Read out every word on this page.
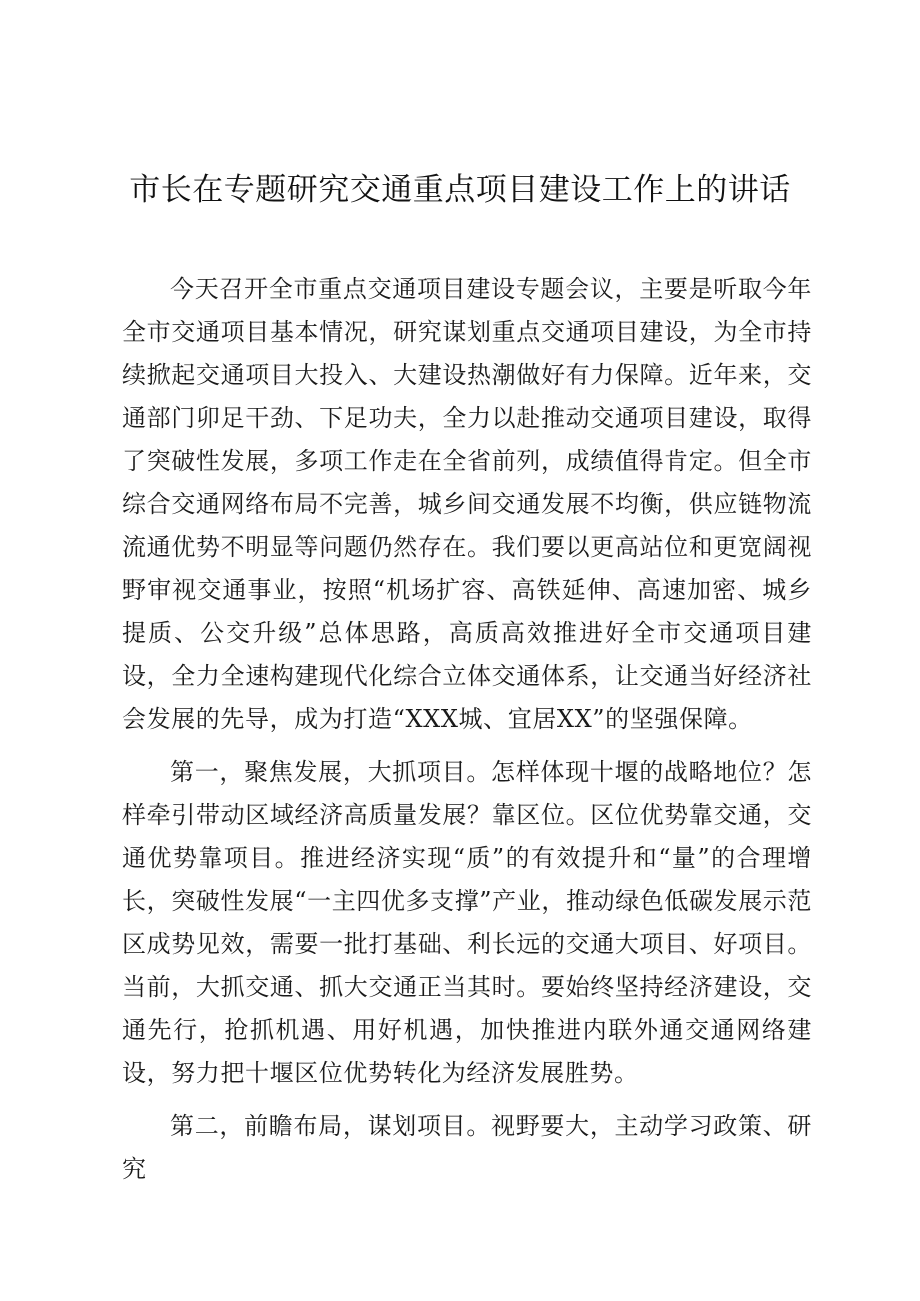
市长在专题研究交通重点项目建设工作上的讲话

今天召开全市重点交通项目建设专题会议，主要是听取今年全市交通项目基本情况，研究谋划重点交通项目建设，为全市持续掀起交通项目大投入、大建设热潮做好有力保障。近年来，交通部门卯足干劲、下足功夫，全力以赴推动交通项目建设，取得了突破性发展，多项工作走在全省前列，成绩值得肯定。但全市综合交通网络布局不完善，城乡间交通发展不均衡，供应链物流流通优势不明显等问题仍然存在。我们要以更高站位和更宽阔视野审视交通事业，按照“机场扩容、高铁延伸、高速加密、城乡提质、公交升级”总体思路，高质高效推进好全市交通项目建设，全力全速构建现代化综合立体交通体系，让交通当好经济社会发展的先导，成为打造“XXX城、宜居XX”的坚强保障。

第一，聚焦发展，大抓项目。怎样体现十堰的战略地位？怎样牵引带动区域经济高质量发展？靠区位。区位优势靠交通，交通优势靠项目。推进经济实现“质”的有效提升和“量”的合理增长，突破性发展“一主四优多支撑”产业，推动绿色低碳发展示范区成势见效，需要一批打基础、利长远的交通大项目、好项目。当前，大抓交通、抓大交通正当其时。要始终坚持经济建设，交通先行，抢抓机遇、用好机遇，加快推进内联外通交通网络建设，努力把十堰区位优势转化为经济发展胜势。

第二，前瞻布局，谋划项目。视野要大，主动学习政策、研究
